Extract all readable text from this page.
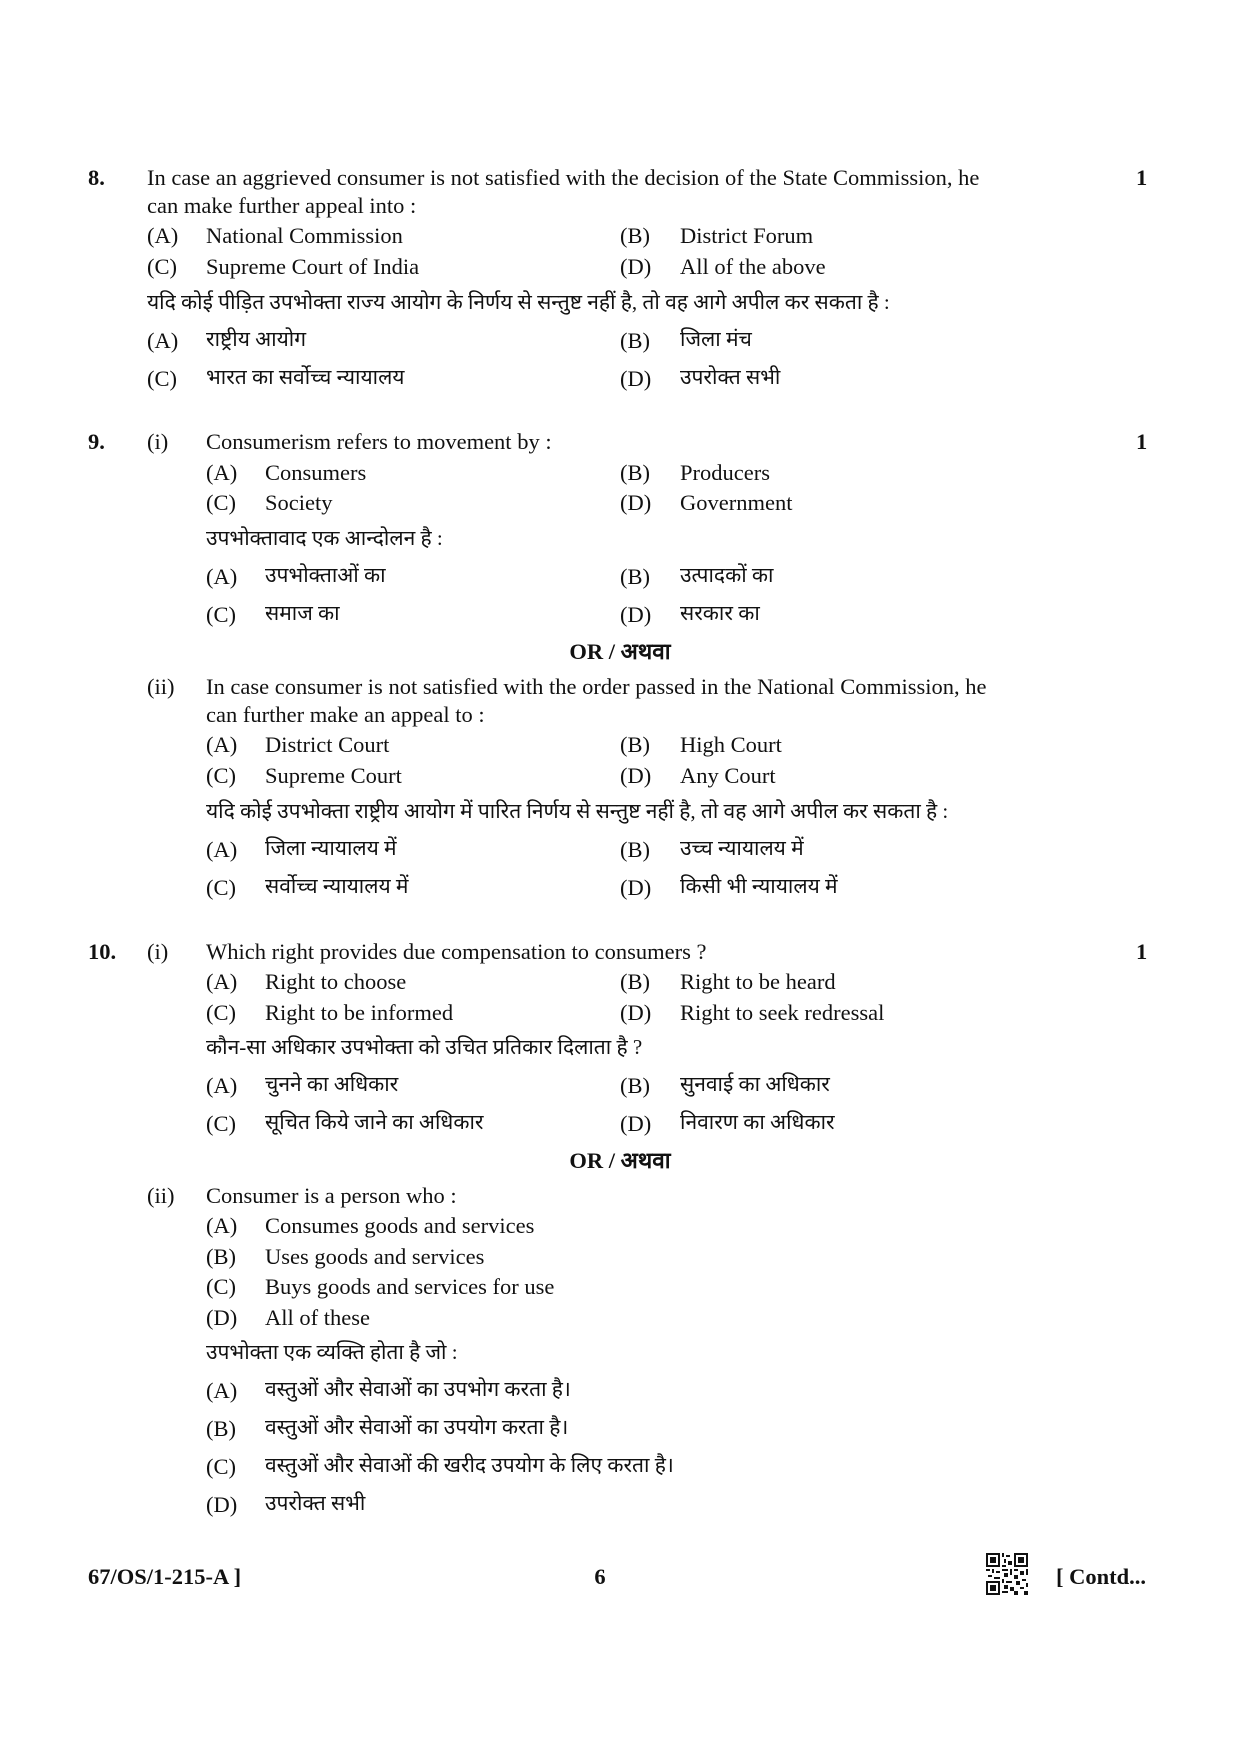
8. In case an aggrieved consumer is not satisfied with the decision of the State Commission, he	1
can make further appeal into :
(A) National Commission	(B) District Forum
(C) Supreme Court of India	(D) All of the above
यदि कोई पीड़ित उपभोक्ता राज्य आयोग के निर्णय से सन्तुष्ट नहीं है, तो वह आगे अपील कर सकता है :
(A) राष्ट्रीय आयोग	(B) जिला मंच
(C) भारत का सर्वोच्च न्यायालय	(D) उपरोक्त सभी
9. (i) Consumerism refers to movement by :	1
(A) Consumers	(B) Producers
(C) Society	(D) Government
उपभोक्तावाद एक आन्दोलन है :
(A) उपभोक्ताओं का	(B) उत्पादकों का
(C) समाज का	(D) सरकार का
OR / अथवा
(ii) In case consumer is not satisfied with the order passed in the National Commission, he
can further make an appeal to :
(A) District Court	(B) High Court
(C) Supreme Court	(D) Any Court
यदि कोई उपभोक्ता राष्ट्रीय आयोग में पारित निर्णय से सन्तुष्ट नहीं है, तो वह आगे अपील कर सकता है :
(A) जिला न्यायालय में	(B) उच्च न्यायालय में
(C) सर्वोच्च न्यायालय में	(D) किसी भी न्यायालय में
10. (i) Which right provides due compensation to consumers ?	1
(A) Right to choose	(B) Right to be heard
(C) Right to be informed	(D) Right to seek redressal
कौन-सा अधिकार उपभोक्ता को उचित प्रतिकार दिलाता है ?
(A) चुनने का अधिकार	(B) सुनवाई का अधिकार
(C) सूचित किये जाने का अधिकार	(D) निवारण का अधिकार
OR / अथवा
(ii) Consumer is a person who :
(A) Consumes goods and services
(B) Uses goods and services
(C) Buys goods and services for use
(D) All of these
उपभोक्ता एक व्यक्ति होता है जो :
(A) वस्तुओं और सेवाओं का उपभोग करता है।
(B) वस्तुओं और सेवाओं का उपयोग करता है।
(C) वस्तुओं और सेवाओं की खरीद उपयोग के लिए करता है।
(D) उपरोक्त सभी
67/OS/1-215-A ]	6	[ Contd...
